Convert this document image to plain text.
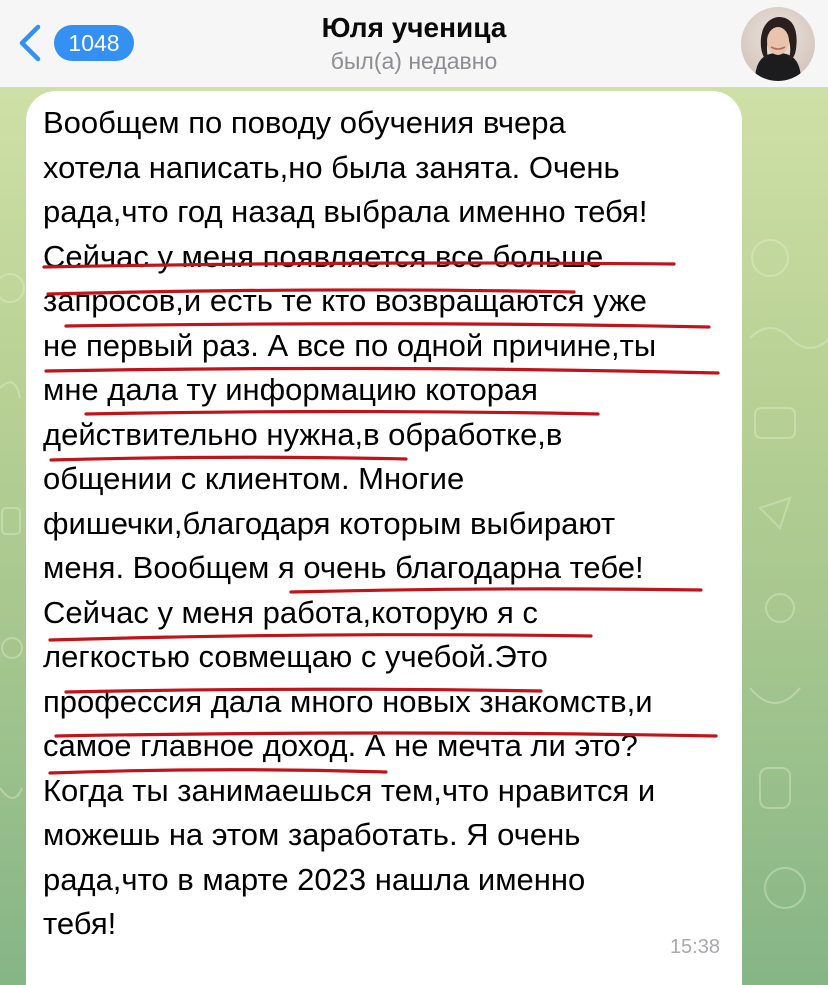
1048	Юля ученица
был(а) недавно
Вообщем по поводу обучения вчера
хотела написать,но была занята. Очень
рада,что год назад выбрала именно тебя!
Сейчас у меня появляется все больше
запросов,и есть те кто возвращаются уже
не первый раз. А все по одной причине,ты
мне дала ту информацию которая
действительно нужна,в обработке,в
общении с клиентом. Многие
фишечки,благодаря которым выбирают
меня. Вообщем я очень благодарна тебе!
Сейчас у меня работа,которую я с
легкостью совмещаю с учебой.Это
профессия дала много новых знакомств,и
самое главное доход. А не мечта ли это?
Когда ты занимаешься тем,что нравится и
можешь на этом заработать. Я очень
рада,что в марте 2023 нашла именно
тебя!
15:38
